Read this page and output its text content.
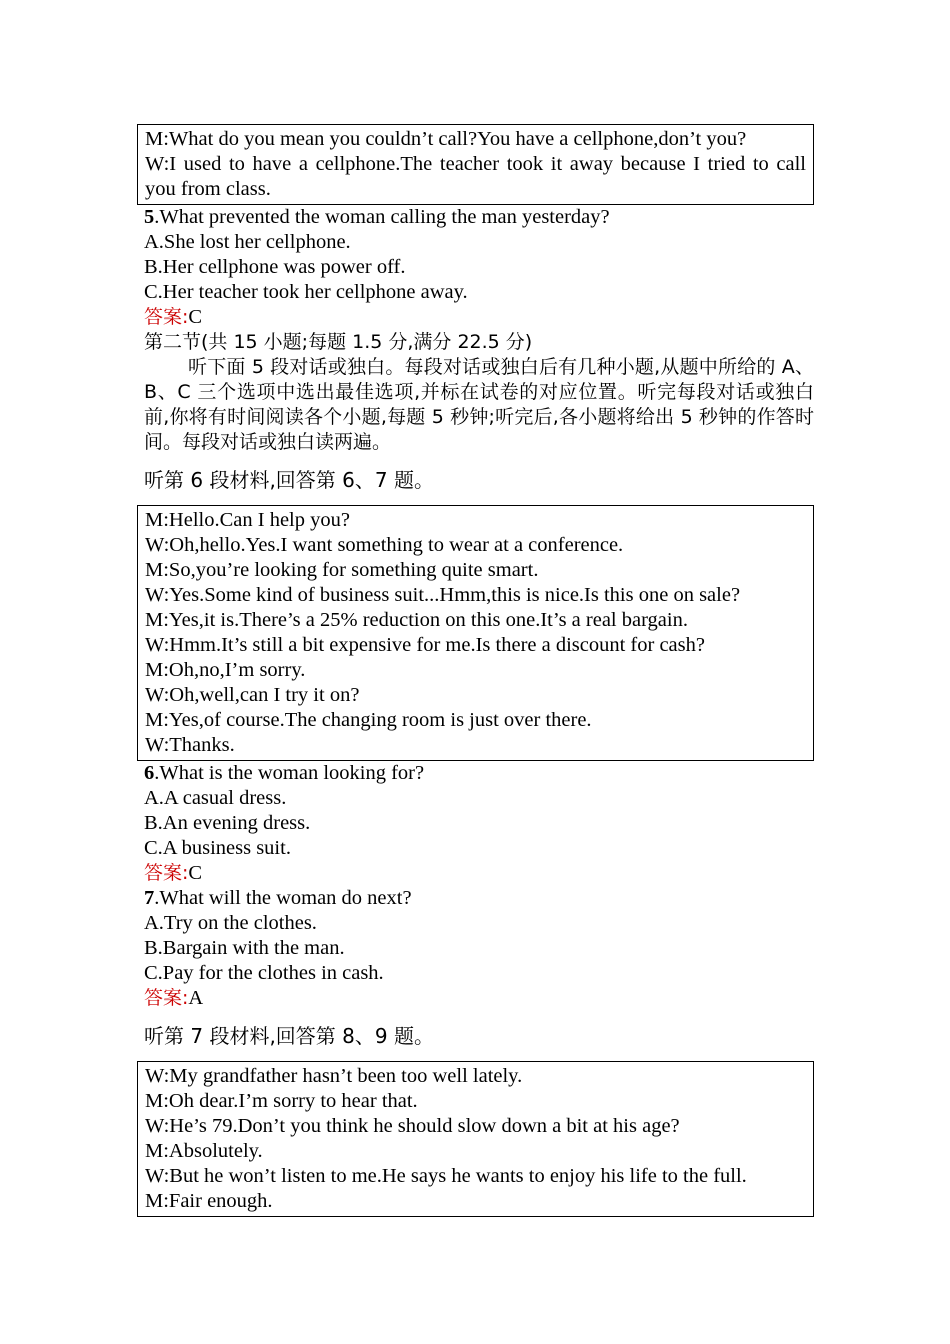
M:What do you mean you couldn’t call?You have a cellphone,don’t you?
W:I used to have a cellphone.The teacher took it away because I tried to call you from class.
5.What prevented the woman calling the man yesterday?
A.She lost her cellphone.
B.Her cellphone was power off.
C.Her teacher took her cellphone away.
答案:C
第二节(共 15 小题;每题 1.5 分,满分 22.5 分)
听下面 5 段对话或独白。每段对话或独白后有几种小题,从题中所给的 A、B、C 三个选项中选出最佳选项,并标在试卷的对应位置。听完每段对话或独白前,你将有时间阅读各个小题,每题 5 秒钟;听完后,各小题将给出 5 秒钟的作答时间。每段对话或独白读两遍。
听第 6 段材料,回答第 6、7 题。
M:Hello.Can I help you?
W:Oh,hello.Yes.I want something to wear at a conference.
M:So,you’re looking for something quite smart.
W:Yes.Some kind of business suit...Hmm,this is nice.Is this one on sale?
M:Yes,it is.There’s a 25% reduction on this one.It’s a real bargain.
W:Hmm.It’s still a bit expensive for me.Is there a discount for cash?
M:Oh,no,I’m sorry.
W:Oh,well,can I try it on?
M:Yes,of course.The changing room is just over there.
W:Thanks.
6.What is the woman looking for?
A.A casual dress.
B.An evening dress.
C.A business suit.
答案:C
7.What will the woman do next?
A.Try on the clothes.
B.Bargain with the man.
C.Pay for the clothes in cash.
答案:A
听第 7 段材料,回答第 8、9 题。
W:My grandfather hasn’t been too well lately.
M:Oh dear.I’m sorry to hear that.
W:He’s 79.Don’t you think he should slow down a bit at his age?
M:Absolutely.
W:But he won’t listen to me.He says he wants to enjoy his life to the full.
M:Fair enough.
